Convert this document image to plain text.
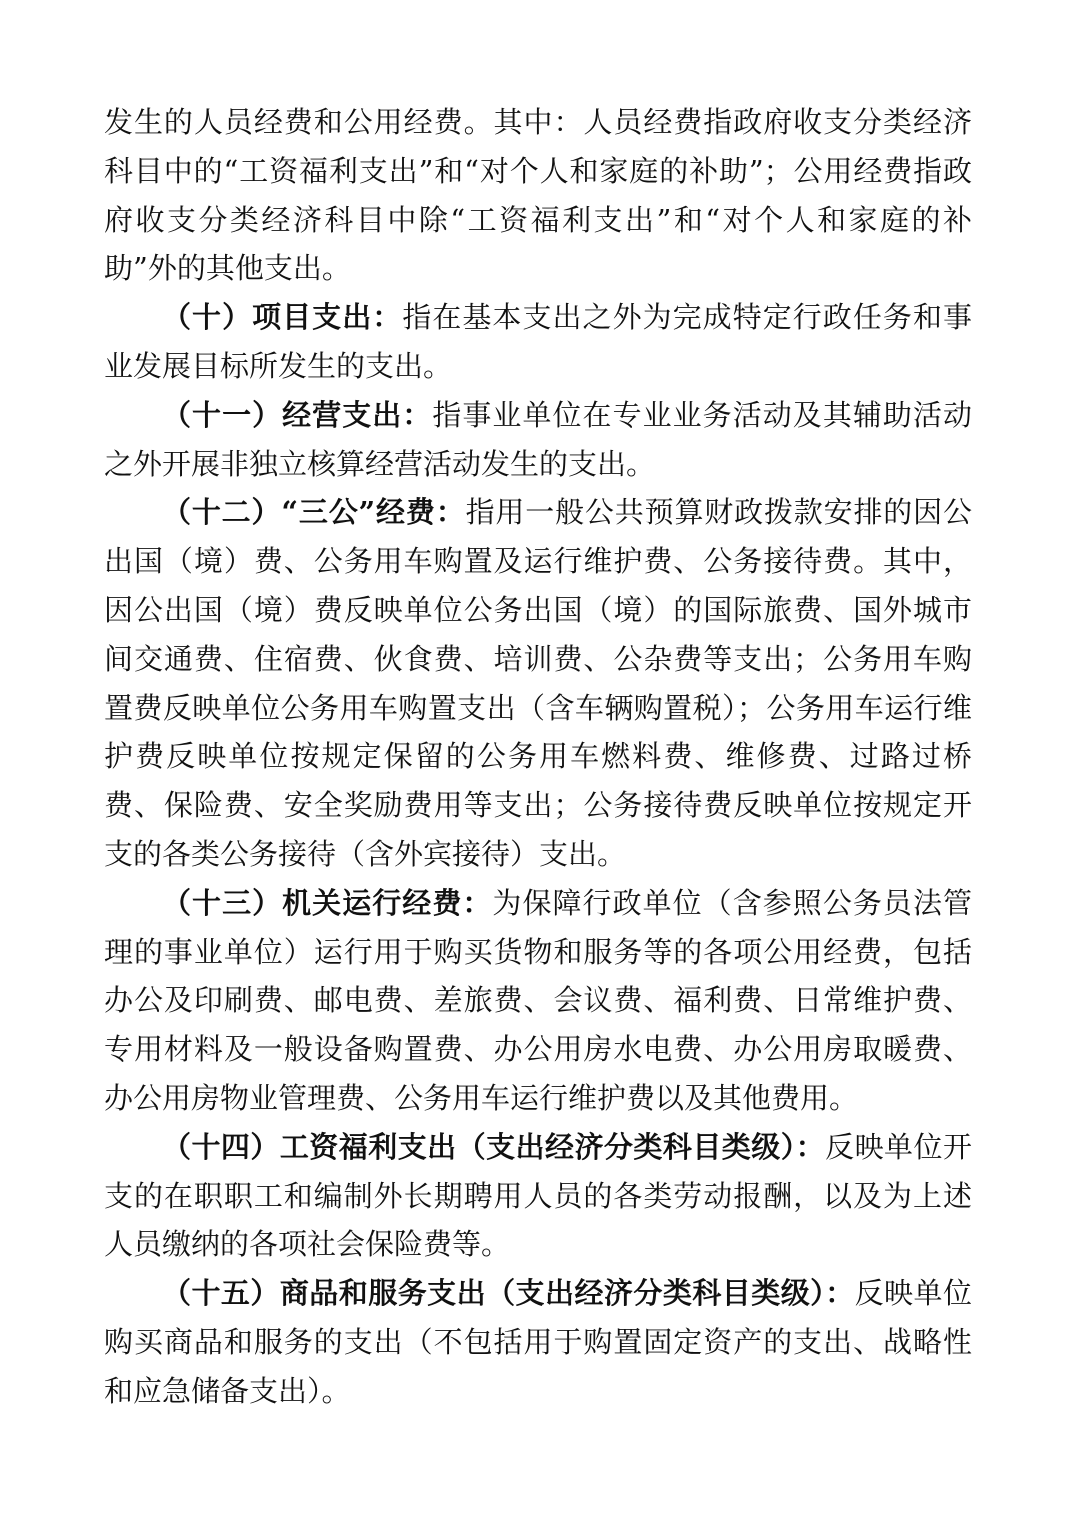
发生的人员经费和公用经费。其中：人员经费指政府收支分类经济科目中的“工资福利支出”和“对个人和家庭的补助”；公用经费指政府收支分类经济科目中除“工资福利支出”和“对个人和家庭的补助”外的其他支出。

（十）项目支出：指在基本支出之外为完成特定行政任务和事业发展目标所发生的支出。

（十一）经营支出：指事业单位在专业业务活动及其辅助活动之外开展非独立核算经营活动发生的支出。

（十二）“三公”经费：指用一般公共预算财政拨款安排的因公出国（境）费、公务用车购置及运行维护费、公务接待费。其中，因公出国（境）费反映单位公务出国（境）的国际旅费、国外城市间交通费、住宿费、伙食费、培训费、公杂费等支出；公务用车购置费反映单位公务用车购置支出（含车辆购置税）；公务用车运行维护费反映单位按规定保留的公务用车燃料费、维修费、过路过桥费、保险费、安全奖励费用等支出；公务接待费反映单位按规定开支的各类公务接待（含外宾接待）支出。

（十三）机关运行经费：为保障行政单位（含参照公务员法管理的事业单位）运行用于购买货物和服务等的各项公用经费，包括办公及印刷费、邮电费、差旅费、会议费、福利费、日常维护费、专用材料及一般设备购置费、办公用房水电费、办公用房取暖费、办公用房物业管理费、公务用车运行维护费以及其他费用。

（十四）工资福利支出（支出经济分类科目类级）：反映单位开支的在职职工和编制外长期聘用人员的各类劳动报酬，以及为上述人员缴纳的各项社会保险费等。

（十五）商品和服务支出（支出经济分类科目类级）：反映单位购买商品和服务的支出（不包括用于购置固定资产的支出、战略性和应急储备支出）。
